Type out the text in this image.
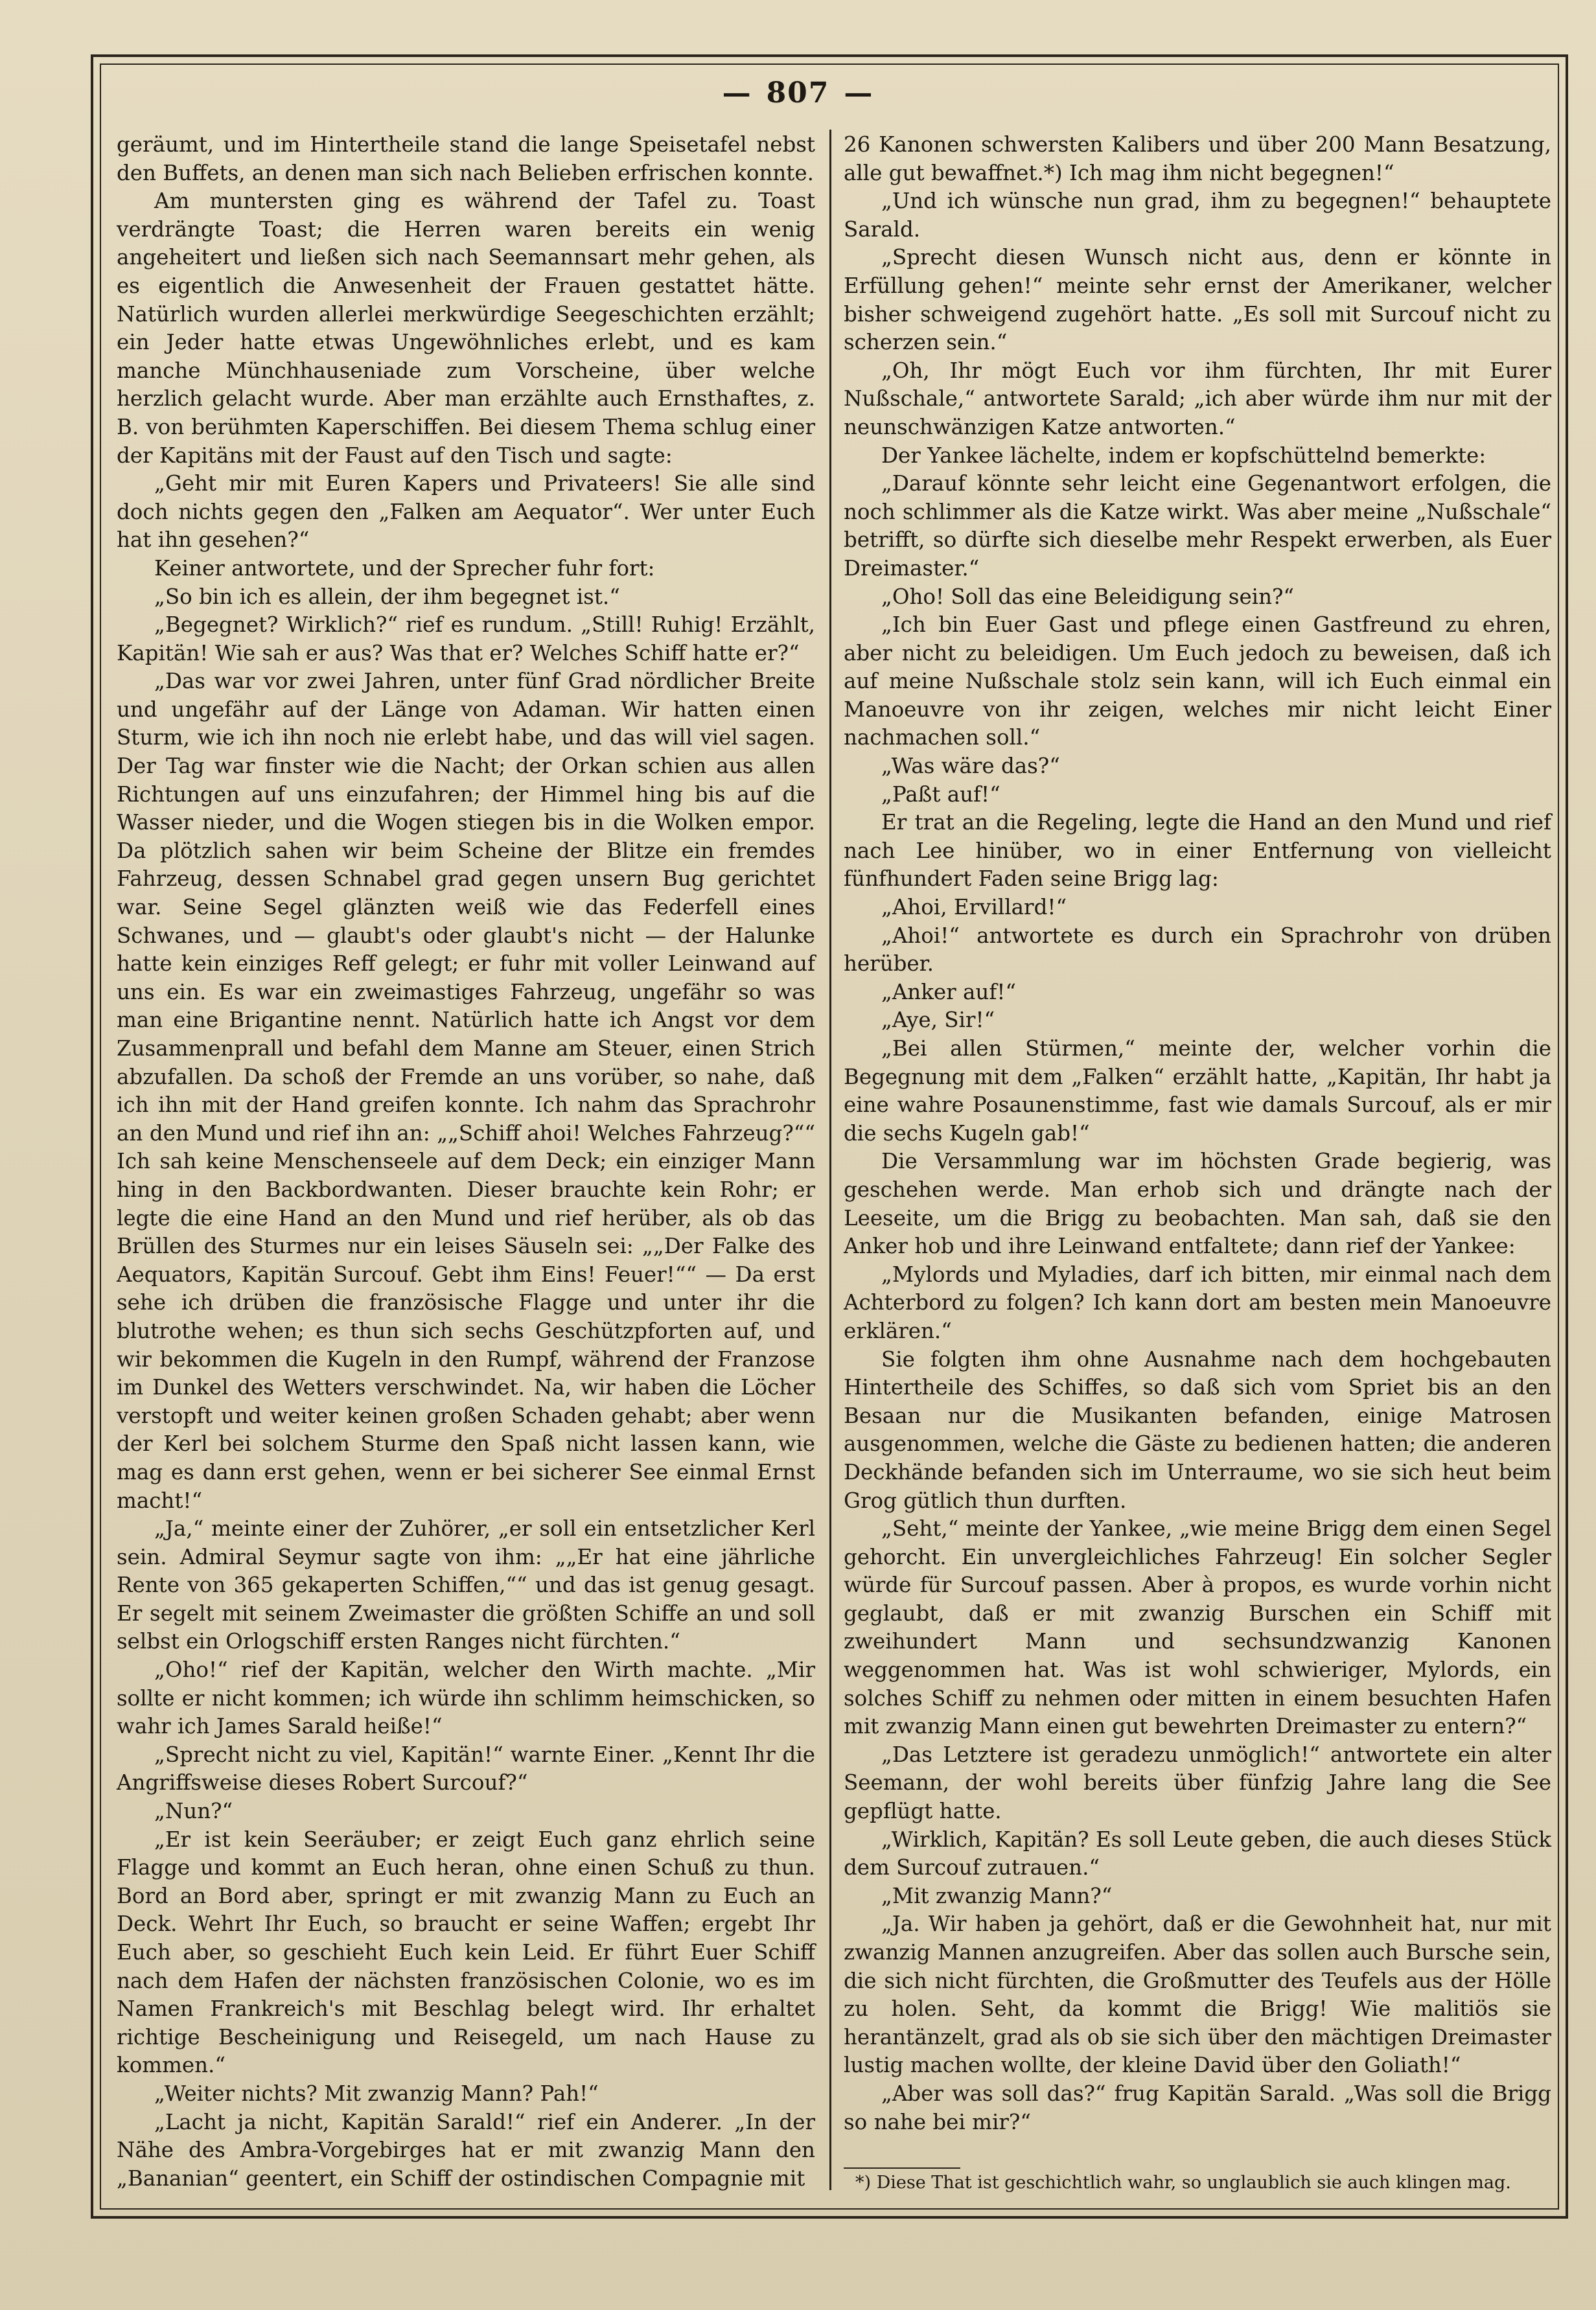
— 807 —

geräumt, und im Hintertheile stand die lange Speisetafel nebst den Buffets, an denen man sich nach Belieben erfrischen konnte.

Am muntersten ging es während der Tafel zu. Toast verdrängte Toast; die Herren waren bereits ein wenig angeheitert und ließen sich nach Seemannsart mehr gehen, als es eigentlich die Anwesenheit der Frauen gestattet hätte. Natürlich wurden allerlei merkwürdige Seegeschichten erzählt; ein Jeder hatte etwas Ungewöhnliches erlebt, und es kam manche Münchhauseniade zum Vorscheine, über welche herzlich gelacht wurde. Aber man erzählte auch Ernsthaftes, z. B. von berühmten Kaperschiffen. Bei diesem Thema schlug einer der Kapitäns mit der Faust auf den Tisch und sagte:

„Geht mir mit Euren Kapers und Privateers! Sie alle sind doch nichts gegen den „Falken am Aequator“. Wer unter Euch hat ihn gesehen?“

Keiner antwortete, und der Sprecher fuhr fort:

„So bin ich es allein, der ihm begegnet ist.“

„Begegnet? Wirklich?“ rief es rundum. „Still! Ruhig! Erzählt, Kapitän! Wie sah er aus? Was that er? Welches Schiff hatte er?“

„Das war vor zwei Jahren, unter fünf Grad nördlicher Breite und ungefähr auf der Länge von Adaman. Wir hatten einen Sturm, wie ich ihn noch nie erlebt habe, und das will viel sagen. Der Tag war finster wie die Nacht; der Orkan schien aus allen Richtungen auf uns einzufahren; der Himmel hing bis auf die Wasser nieder, und die Wogen stiegen bis in die Wolken empor. Da plötzlich sahen wir beim Scheine der Blitze ein fremdes Fahrzeug, dessen Schnabel grad gegen unsern Bug gerichtet war. Seine Segel glänzten weiß wie das Federfell eines Schwanes, und — glaubt's oder glaubt's nicht — der Halunke hatte kein einziges Reff gelegt; er fuhr mit voller Leinwand auf uns ein. Es war ein zweimastiges Fahrzeug, ungefähr so was man eine Brigantine nennt. Natürlich hatte ich Angst vor dem Zusammenprall und befahl dem Manne am Steuer, einen Strich abzufallen. Da schoß der Fremde an uns vorüber, so nahe, daß ich ihn mit der Hand greifen konnte. Ich nahm das Sprachrohr an den Mund und rief ihn an: „„Schiff ahoi! Welches Fahrzeug?““ Ich sah keine Menschenseele auf dem Deck; ein einziger Mann hing in den Backbordwanten. Dieser brauchte kein Rohr; er legte die eine Hand an den Mund und rief herüber, als ob das Brüllen des Sturmes nur ein leises Säuseln sei: „„Der Falke des Aequators, Kapitän Surcouf. Gebt ihm Eins! Feuer!““ — Da erst sehe ich drüben die französische Flagge und unter ihr die blutrothe wehen; es thun sich sechs Geschützpforten auf, und wir bekommen die Kugeln in den Rumpf, während der Franzose im Dunkel des Wetters verschwindet. Na, wir haben die Löcher verstopft und weiter keinen großen Schaden gehabt; aber wenn der Kerl bei solchem Sturme den Spaß nicht lassen kann, wie mag es dann erst gehen, wenn er bei sicherer See einmal Ernst macht!“

„Ja,“ meinte einer der Zuhörer, „er soll ein entsetzlicher Kerl sein. Admiral Seymur sagte von ihm: „„Er hat eine jährliche Rente von 365 gekaperten Schiffen,““ und das ist genug gesagt. Er segelt mit seinem Zweimaster die größten Schiffe an und soll selbst ein Orlogschiff ersten Ranges nicht fürchten.“

„Oho!“ rief der Kapitän, welcher den Wirth machte. „Mir sollte er nicht kommen; ich würde ihn schlimm heimschicken, so wahr ich James Sarald heiße!“

„Sprecht nicht zu viel, Kapitän!“ warnte Einer. „Kennt Ihr die Angriffsweise dieses Robert Surcouf?“

„Nun?“

„Er ist kein Seeräuber; er zeigt Euch ganz ehrlich seine Flagge und kommt an Euch heran, ohne einen Schuß zu thun. Bord an Bord aber, springt er mit zwanzig Mann zu Euch an Deck. Wehrt Ihr Euch, so braucht er seine Waffen; ergebt Ihr Euch aber, so geschieht Euch kein Leid. Er führt Euer Schiff nach dem Hafen der nächsten französischen Colonie, wo es im Namen Frankreich's mit Beschlag belegt wird. Ihr erhaltet richtige Bescheinigung und Reisegeld, um nach Hause zu kommen.“

„Weiter nichts? Mit zwanzig Mann? Pah!“

„Lacht ja nicht, Kapitän Sarald!“ rief ein Anderer. „In der Nähe des Ambra-Vorgebirges hat er mit zwanzig Mann den „Bananian“ geentert, ein Schiff der ostindischen Compagnie mit

26 Kanonen schwersten Kalibers und über 200 Mann Besatzung, alle gut bewaffnet.*) Ich mag ihm nicht begegnen!“

„Und ich wünsche nun grad, ihm zu begegnen!“ behauptete Sarald.

„Sprecht diesen Wunsch nicht aus, denn er könnte in Erfüllung gehen!“ meinte sehr ernst der Amerikaner, welcher bisher schweigend zugehört hatte. „Es soll mit Surcouf nicht zu scherzen sein.“

„Oh, Ihr mögt Euch vor ihm fürchten, Ihr mit Eurer Nußschale,“ antwortete Sarald; „ich aber würde ihm nur mit der neunschwänzigen Katze antworten.“

Der Yankee lächelte, indem er kopfschüttelnd bemerkte:

„Darauf könnte sehr leicht eine Gegenantwort erfolgen, die noch schlimmer als die Katze wirkt. Was aber meine „Nußschale“ betrifft, so dürfte sich dieselbe mehr Respekt erwerben, als Euer Dreimaster.“

„Oho! Soll das eine Beleidigung sein?“

„Ich bin Euer Gast und pflege einen Gastfreund zu ehren, aber nicht zu beleidigen. Um Euch jedoch zu beweisen, daß ich auf meine Nußschale stolz sein kann, will ich Euch einmal ein Manoeuvre von ihr zeigen, welches mir nicht leicht Einer nachmachen soll.“

„Was wäre das?“

„Paßt auf!“

Er trat an die Regeling, legte die Hand an den Mund und rief nach Lee hinüber, wo in einer Entfernung von vielleicht fünfhundert Faden seine Brigg lag:

„Ahoi, Ervillard!“

„Ahoi!“ antwortete es durch ein Sprachrohr von drüben herüber.

„Anker auf!“

„Aye, Sir!“

„Bei allen Stürmen,“ meinte der, welcher vorhin die Begegnung mit dem „Falken“ erzählt hatte, „Kapitän, Ihr habt ja eine wahre Posaunenstimme, fast wie damals Surcouf, als er mir die sechs Kugeln gab!“

Die Versammlung war im höchsten Grade begierig, was geschehen werde. Man erhob sich und drängte nach der Leeseite, um die Brigg zu beobachten. Man sah, daß sie den Anker hob und ihre Leinwand entfaltete; dann rief der Yankee:

„Mylords und Myladies, darf ich bitten, mir einmal nach dem Achterbord zu folgen? Ich kann dort am besten mein Manoeuvre erklären.“

Sie folgten ihm ohne Ausnahme nach dem hochgebauten Hintertheile des Schiffes, so daß sich vom Spriet bis an den Besaan nur die Musikanten befanden, einige Matrosen ausgenommen, welche die Gäste zu bedienen hatten; die anderen Deckhände befanden sich im Unterraume, wo sie sich heut beim Grog gütlich thun durften.

„Seht,“ meinte der Yankee, „wie meine Brigg dem einen Segel gehorcht. Ein unvergleichliches Fahrzeug! Ein solcher Segler würde für Surcouf passen. Aber à propos, es wurde vorhin nicht geglaubt, daß er mit zwanzig Burschen ein Schiff mit zweihundert Mann und sechsundzwanzig Kanonen weggenommen hat. Was ist wohl schwieriger, Mylords, ein solches Schiff zu nehmen oder mitten in einem besuchten Hafen mit zwanzig Mann einen gut bewehrten Dreimaster zu entern?“

„Das Letztere ist geradezu unmöglich!“ antwortete ein alter Seemann, der wohl bereits über fünfzig Jahre lang die See gepflügt hatte.

„Wirklich, Kapitän? Es soll Leute geben, die auch dieses Stück dem Surcouf zutrauen.“

„Mit zwanzig Mann?“

„Ja. Wir haben ja gehört, daß er die Gewohnheit hat, nur mit zwanzig Mannen anzugreifen. Aber das sollen auch Bursche sein, die sich nicht fürchten, die Großmutter des Teufels aus der Hölle zu holen. Seht, da kommt die Brigg! Wie malitiös sie herantänzelt, grad als ob sie sich über den mächtigen Dreimaster lustig machen wollte, der kleine David über den Goliath!“

„Aber was soll das?“ frug Kapitän Sarald. „Was soll die Brigg so nahe bei mir?“

*) Diese That ist geschichtlich wahr, so unglaublich sie auch klingen mag.
